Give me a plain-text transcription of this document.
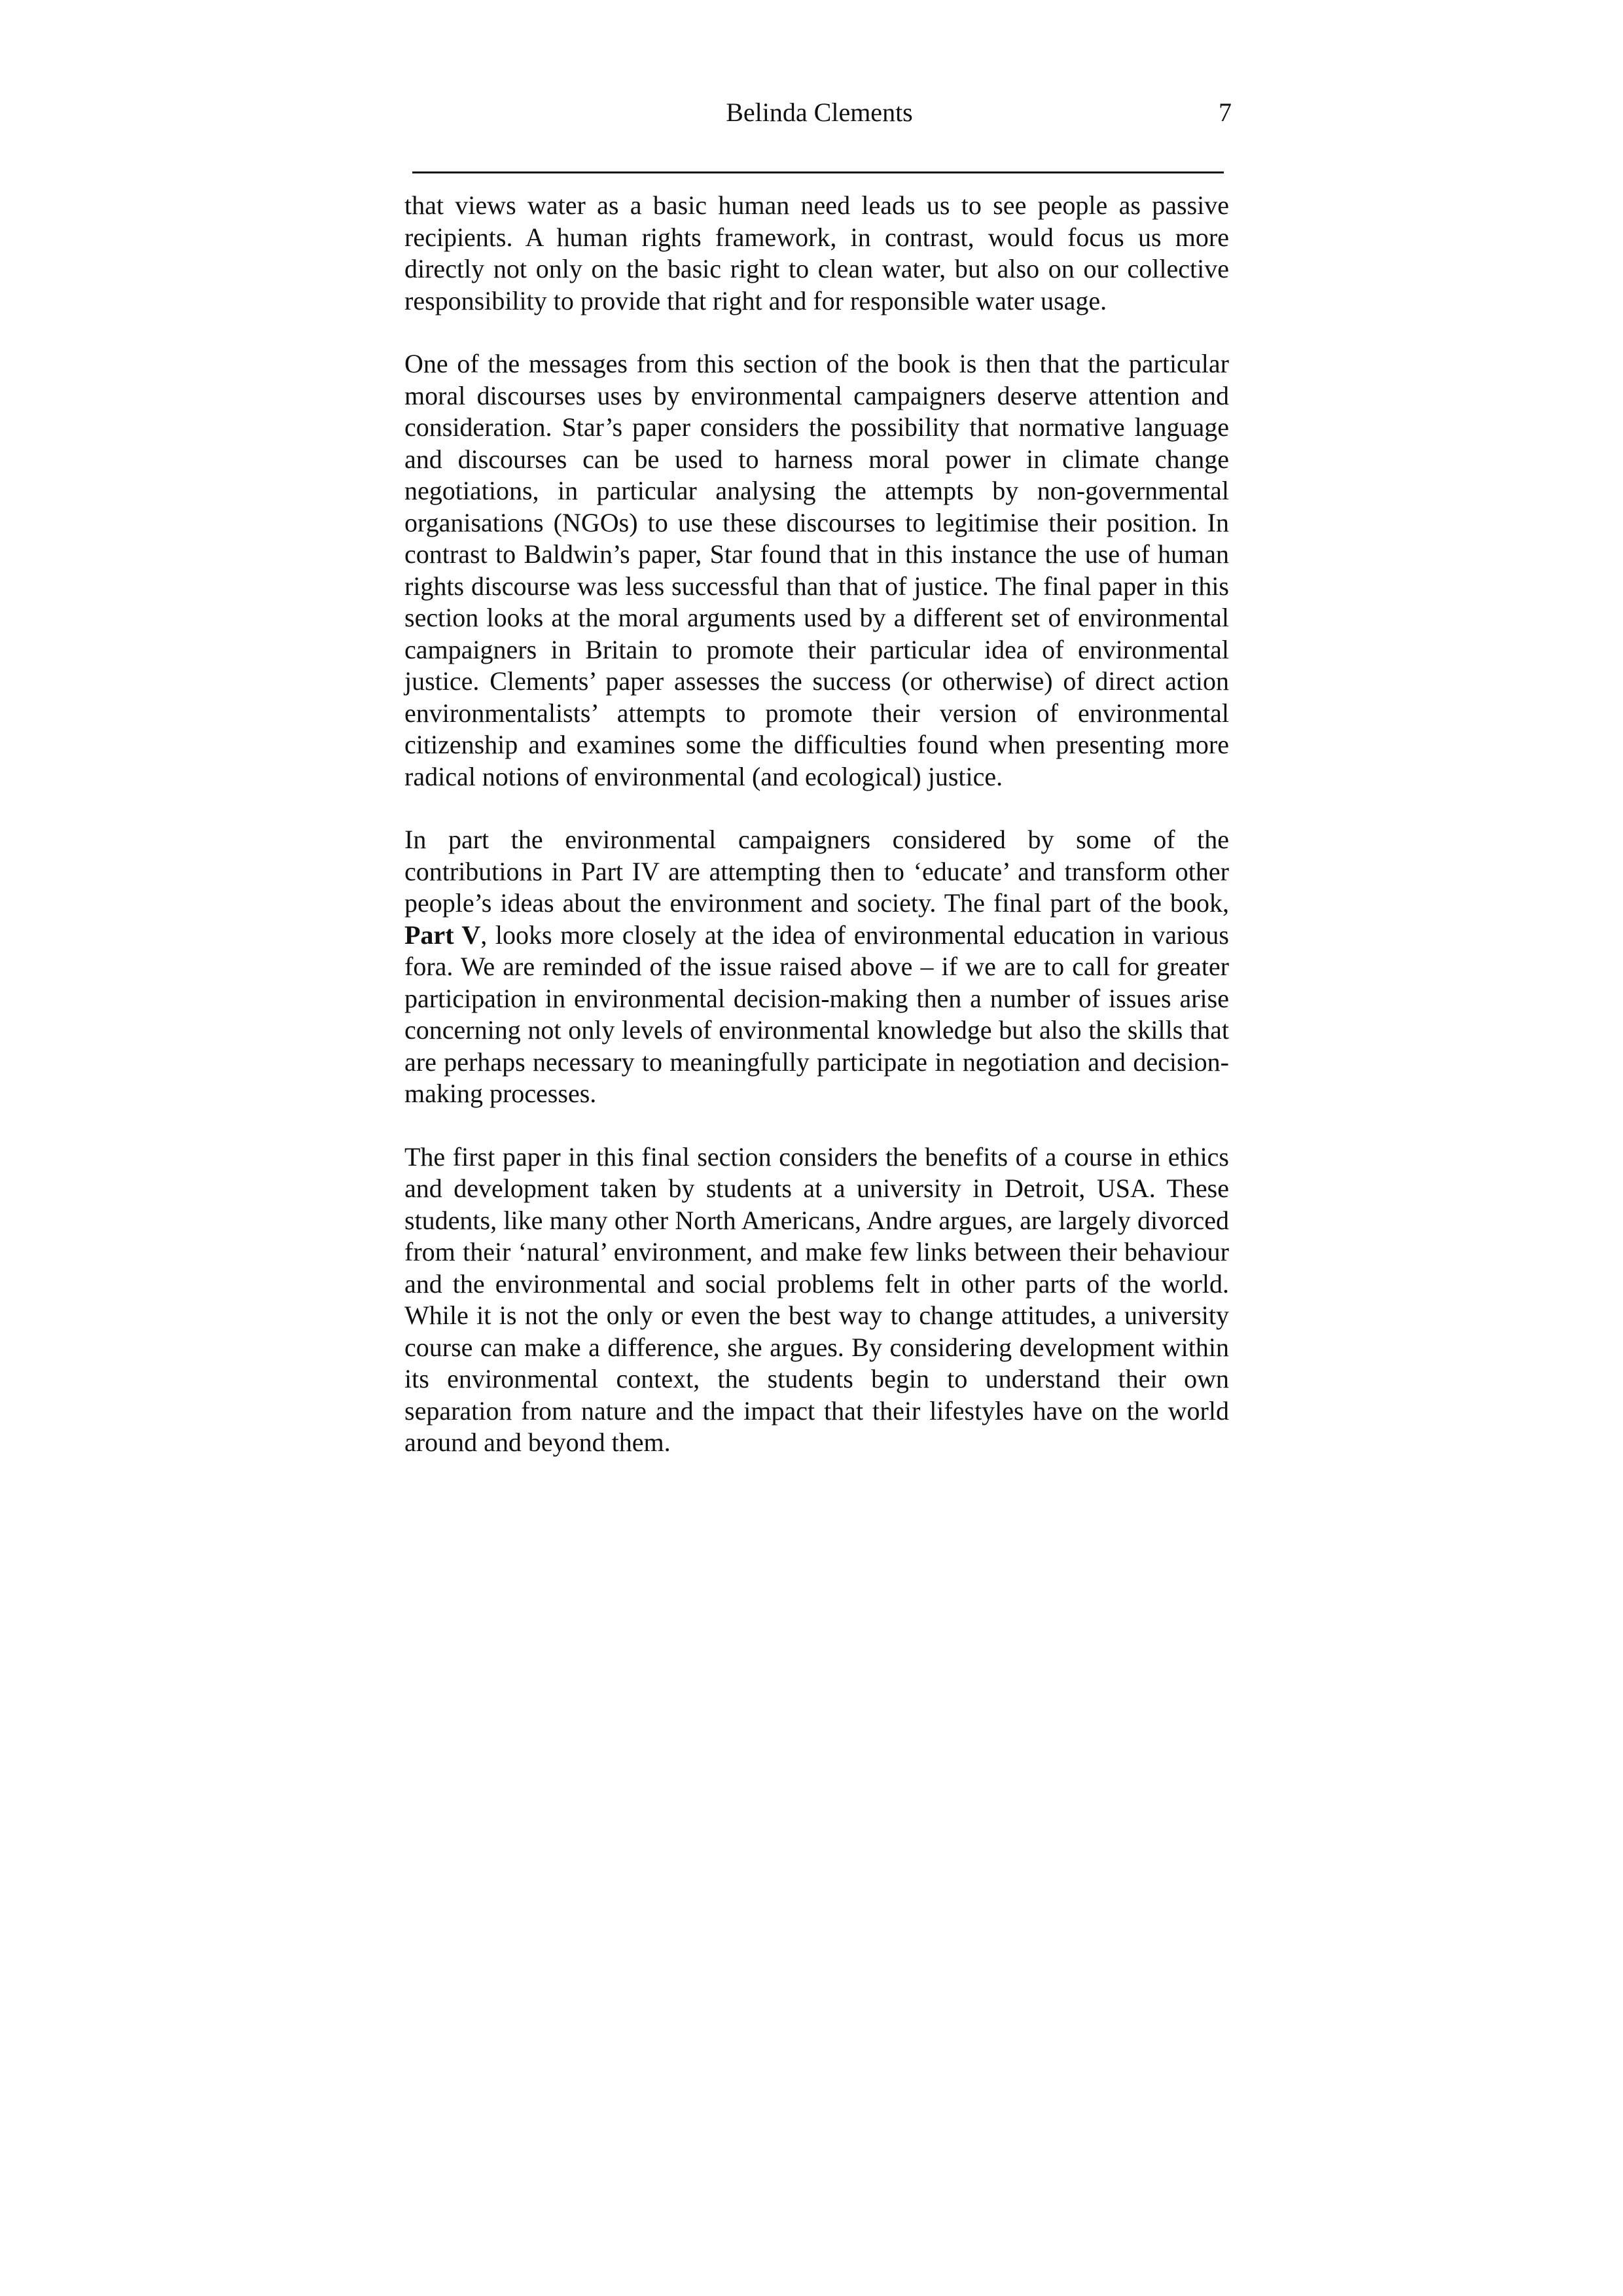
Belinda Clements	7

that views water as a basic human need leads us to see people as passive recipients. A human rights framework, in contrast, would focus us more directly not only on the basic right to clean water, but also on our collective responsibility to provide that right and for responsible water usage.

One of the messages from this section of the book is then that the particular moral discourses uses by environmental campaigners deserve attention and consideration. Star’s paper considers the possibility that normative language and discourses can be used to harness moral power in climate change negotiations, in particular analysing the attempts by non-governmental organisations (NGOs) to use these discourses to legitimise their position. In contrast to Baldwin’s paper, Star found that in this instance the use of human rights discourse was less successful than that of justice. The final paper in this section looks at the moral arguments used by a different set of environmental campaigners in Britain to promote their particular idea of environmental justice. Clements’ paper assesses the success (or otherwise) of direct action environmentalists’ attempts to promote their version of environmental citizenship and examines some the difficulties found when presenting more radical notions of environmental (and ecological) justice.

In part the environmental campaigners considered by some of the contributions in Part IV are attempting then to ‘educate’ and transform other people’s ideas about the environment and society. The final part of the book, Part V, looks more closely at the idea of environmental education in various fora. We are reminded of the issue raised above – if we are to call for greater participation in environmental decision-making then a number of issues arise concerning not only levels of environmental knowledge but also the skills that are perhaps necessary to meaningfully participate in negotiation and decision-making processes.

The first paper in this final section considers the benefits of a course in ethics and development taken by students at a university in Detroit, USA. These students, like many other North Americans, Andre argues, are largely divorced from their ‘natural’ environment, and make few links between their behaviour and the environmental and social problems felt in other parts of the world. While it is not the only or even the best way to change attitudes, a university course can make a difference, she argues. By considering development within its environmental context, the students begin to understand their own separation from nature and the impact that their lifestyles have on the world around and beyond them.
